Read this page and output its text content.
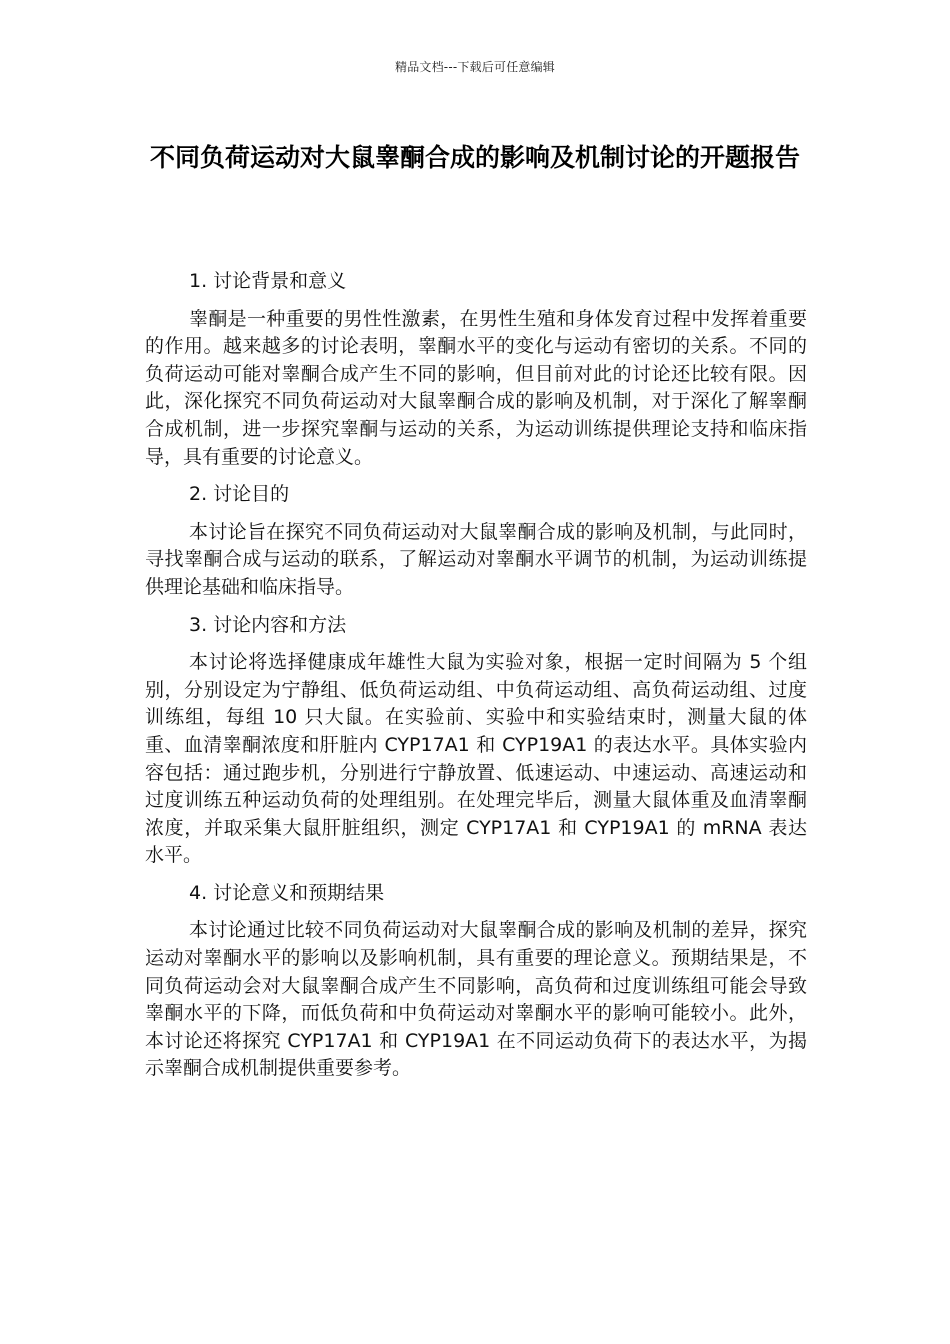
精品文档---下载后可任意编辑
不同负荷运动对大鼠睾酮合成的影响及机制讨论的开题报告

1. 讨论背景和意义

睾酮是一种重要的男性性激素，在男性生殖和身体发育过程中发挥着重要的作用。越来越多的讨论表明，睾酮水平的变化与运动有密切的关系。不同的负荷运动可能对睾酮合成产生不同的影响，但目前对此的讨论还比较有限。因此，深化探究不同负荷运动对大鼠睾酮合成的影响及机制，对于深化了解睾酮合成机制，进一步探究睾酮与运动的关系，为运动训练提供理论支持和临床指导，具有重要的讨论意义。

2. 讨论目的

本讨论旨在探究不同负荷运动对大鼠睾酮合成的影响及机制，与此同时，寻找睾酮合成与运动的联系，了解运动对睾酮水平调节的机制，为运动训练提供理论基础和临床指导。

3. 讨论内容和方法

本讨论将选择健康成年雄性大鼠为实验对象，根据一定时间隔为 5 个组别，分别设定为宁静组、低负荷运动组、中负荷运动组、高负荷运动组、过度训练组，每组 10 只大鼠。在实验前、实验中和实验结束时，测量大鼠的体重、血清睾酮浓度和肝脏内 CYP17A1 和 CYP19A1 的表达水平。具体实验内容包括：通过跑步机，分别进行宁静放置、低速运动、中速运动、高速运动和过度训练五种运动负荷的处理组别。在处理完毕后，测量大鼠体重及血清睾酮浓度，并取采集大鼠肝脏组织，测定 CYP17A1 和 CYP19A1 的 mRNA 表达水平。

4. 讨论意义和预期结果

本讨论通过比较不同负荷运动对大鼠睾酮合成的影响及机制的差异，探究运动对睾酮水平的影响以及影响机制，具有重要的理论意义。预期结果是，不同负荷运动会对大鼠睾酮合成产生不同影响，高负荷和过度训练组可能会导致睾酮水平的下降，而低负荷和中负荷运动对睾酮水平的影响可能较小。此外，本讨论还将探究 CYP17A1 和 CYP19A1 在不同运动负荷下的表达水平，为揭示睾酮合成机制提供重要参考。
